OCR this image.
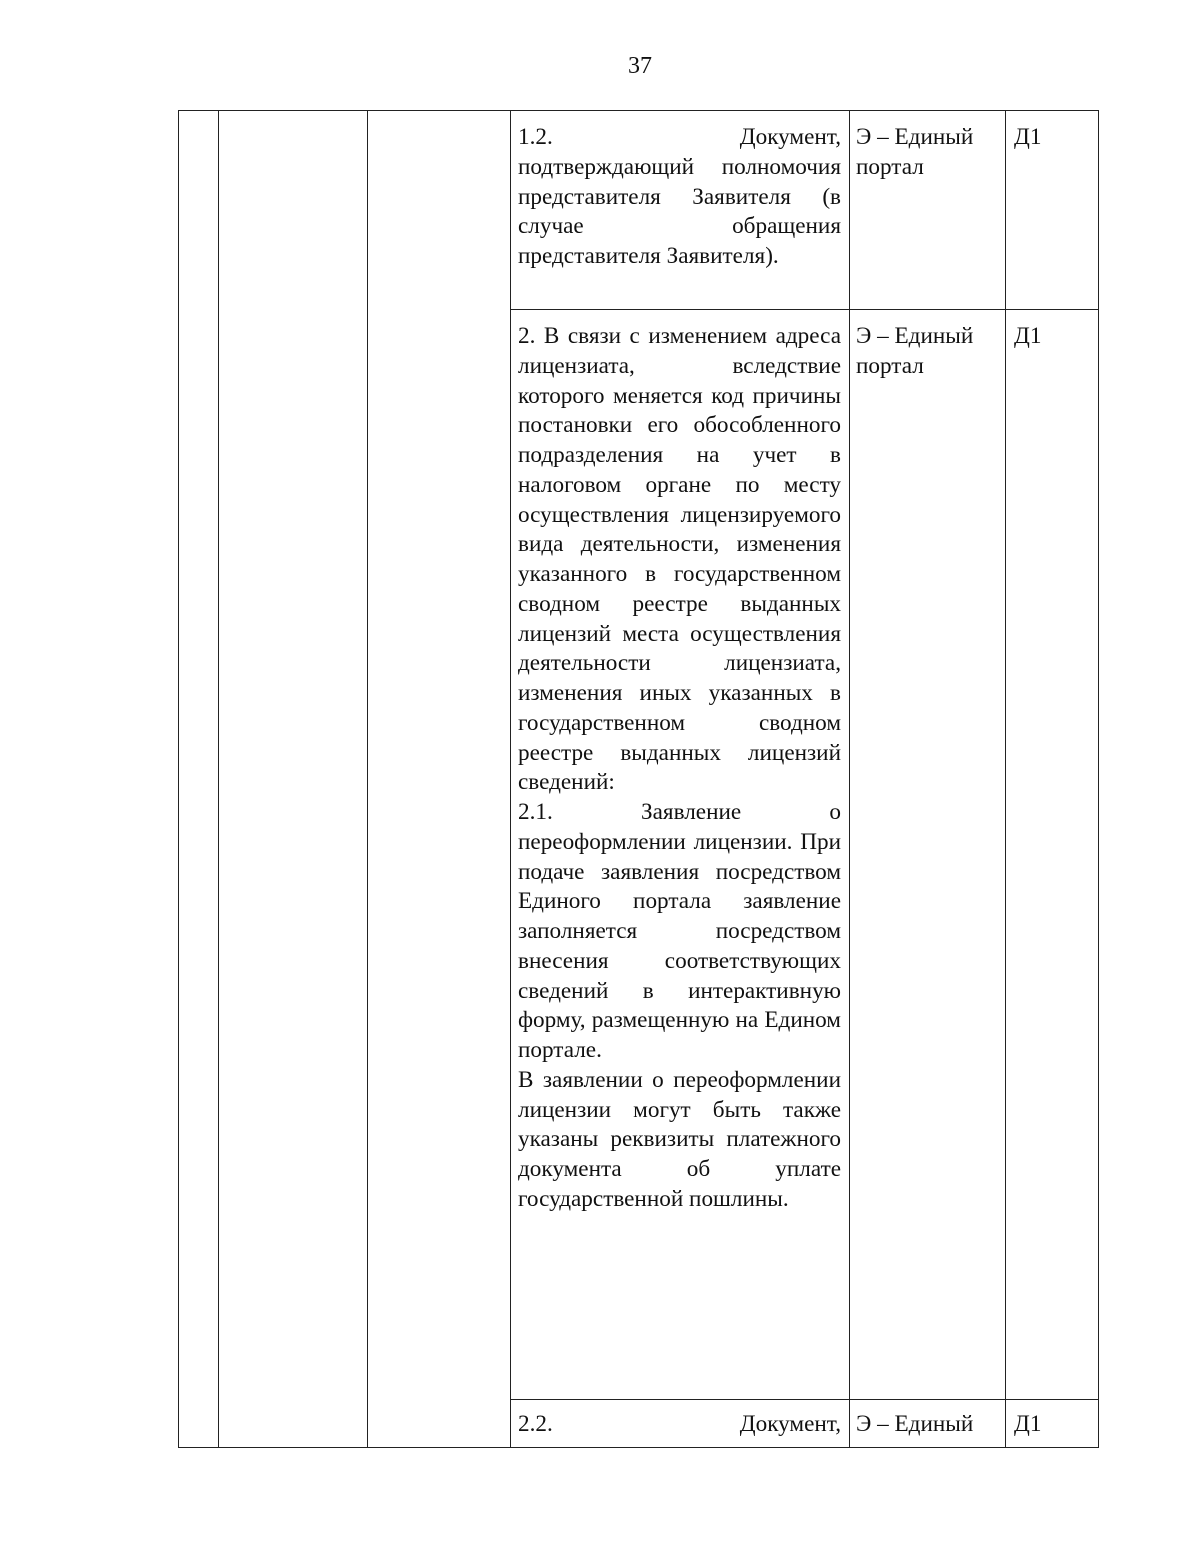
37

			1.2. Документ, подтверждающий полномочия представителя Заявителя (в случае обращения представителя Заявителя).	Э – Единый портал	Д1

			2. В связи с изменением адреса лицензиата, вследствие которого меняется код причины постановки его обособленного подразделения на учет в налоговом органе по месту осуществления лицензируемого вида деятельности, изменения указанного в государственном сводном реестре выданных лицензий места осуществления деятельности лицензиата, изменения иных указанных в государственном сводном реестре выданных лицензий сведений:
2.1. Заявление о переоформлении лицензии. При подаче заявления посредством Единого портала заявление заполняется посредством внесения соответствующих сведений в интерактивную форму, размещенную на Едином портале.
В заявлении о переоформлении лицензии могут быть также указаны реквизиты платежного документа об уплате государственной пошлины.	Э – Единый портал	Д1

			2.2. Документ,	Э – Единый	Д1
